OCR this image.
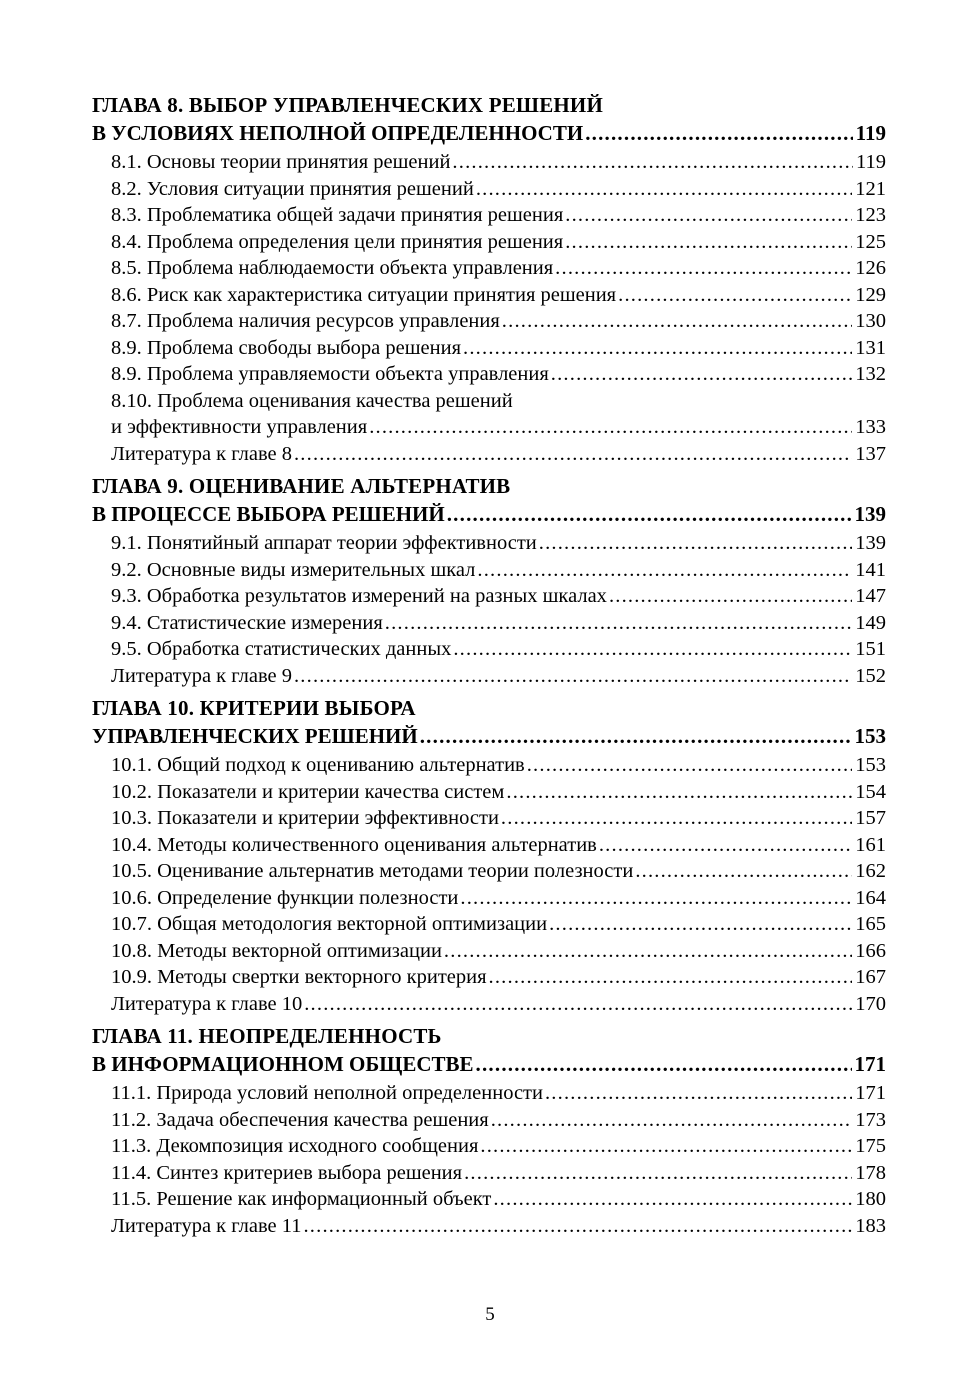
ГЛАВА 8. ВЫБОР УПРАВЛЕНЧЕСКИХ РЕШЕНИЙ
В УСЛОВИЯХ НЕПОЛНОЙ ОПРЕДЕЛЕННОСТИ .....	119
8.1. Основы теории принятия решений .....	119
8.2. Условия ситуации принятия решений .....	121
8.3. Проблематика общей задачи принятия решения .....	123
8.4. Проблема определения цели принятия решения .....	125
8.5. Проблема наблюдаемости объекта управления .....	126
8.6. Риск как характеристика ситуации принятия решения .....	129
8.7. Проблема наличия ресурсов управления .....	130
8.9. Проблема свободы выбора решения .....	131
8.9. Проблема управляемости объекта управления .....	132
8.10. Проблема оценивания качества решений
и эффективности управления .....	133
Литература к главе 8 .....	137
ГЛАВА 9. ОЦЕНИВАНИЕ АЛЬТЕРНАТИВ
В ПРОЦЕССЕ ВЫБОРА РЕШЕНИЙ .....	139
9.1. Понятийный аппарат теории эффективности .....	139
9.2. Основные виды измерительных шкал .....	141
9.3. Обработка результатов измерений на разных шкалах .....	147
9.4. Статистические измерения .....	149
9.5. Обработка статистических данных .....	151
Литература к главе 9 .....	152
ГЛАВА 10. КРИТЕРИИ ВЫБОРА
УПРАВЛЕНЧЕСКИХ РЕШЕНИЙ .....	153
10.1. Общий подход к оцениванию альтернатив .....	153
10.2. Показатели и критерии качества систем .....	154
10.3. Показатели и критерии эффективности .....	157
10.4. Методы количественного оценивания альтернатив .....	161
10.5. Оценивание альтернатив методами теории полезности .....	162
10.6. Определение функции полезности .....	164
10.7. Общая методология векторной оптимизации .....	165
10.8. Методы векторной оптимизации .....	166
10.9. Методы свертки векторного критерия .....	167
Литература к главе 10 .....	170
ГЛАВА 11. НЕОПРЕДЕЛЕННОСТЬ
В ИНФОРМАЦИОННОМ ОБЩЕСТВЕ .....	171
11.1. Природа условий неполной определенности .....	171
11.2. Задача обеспечения качества решения .....	173
11.3. Декомпозиция исходного сообщения .....	175
11.4. Синтез критериев выбора решения .....	178
11.5. Решение как информационный объект .....	180
Литература к главе 11 .....	183
5
